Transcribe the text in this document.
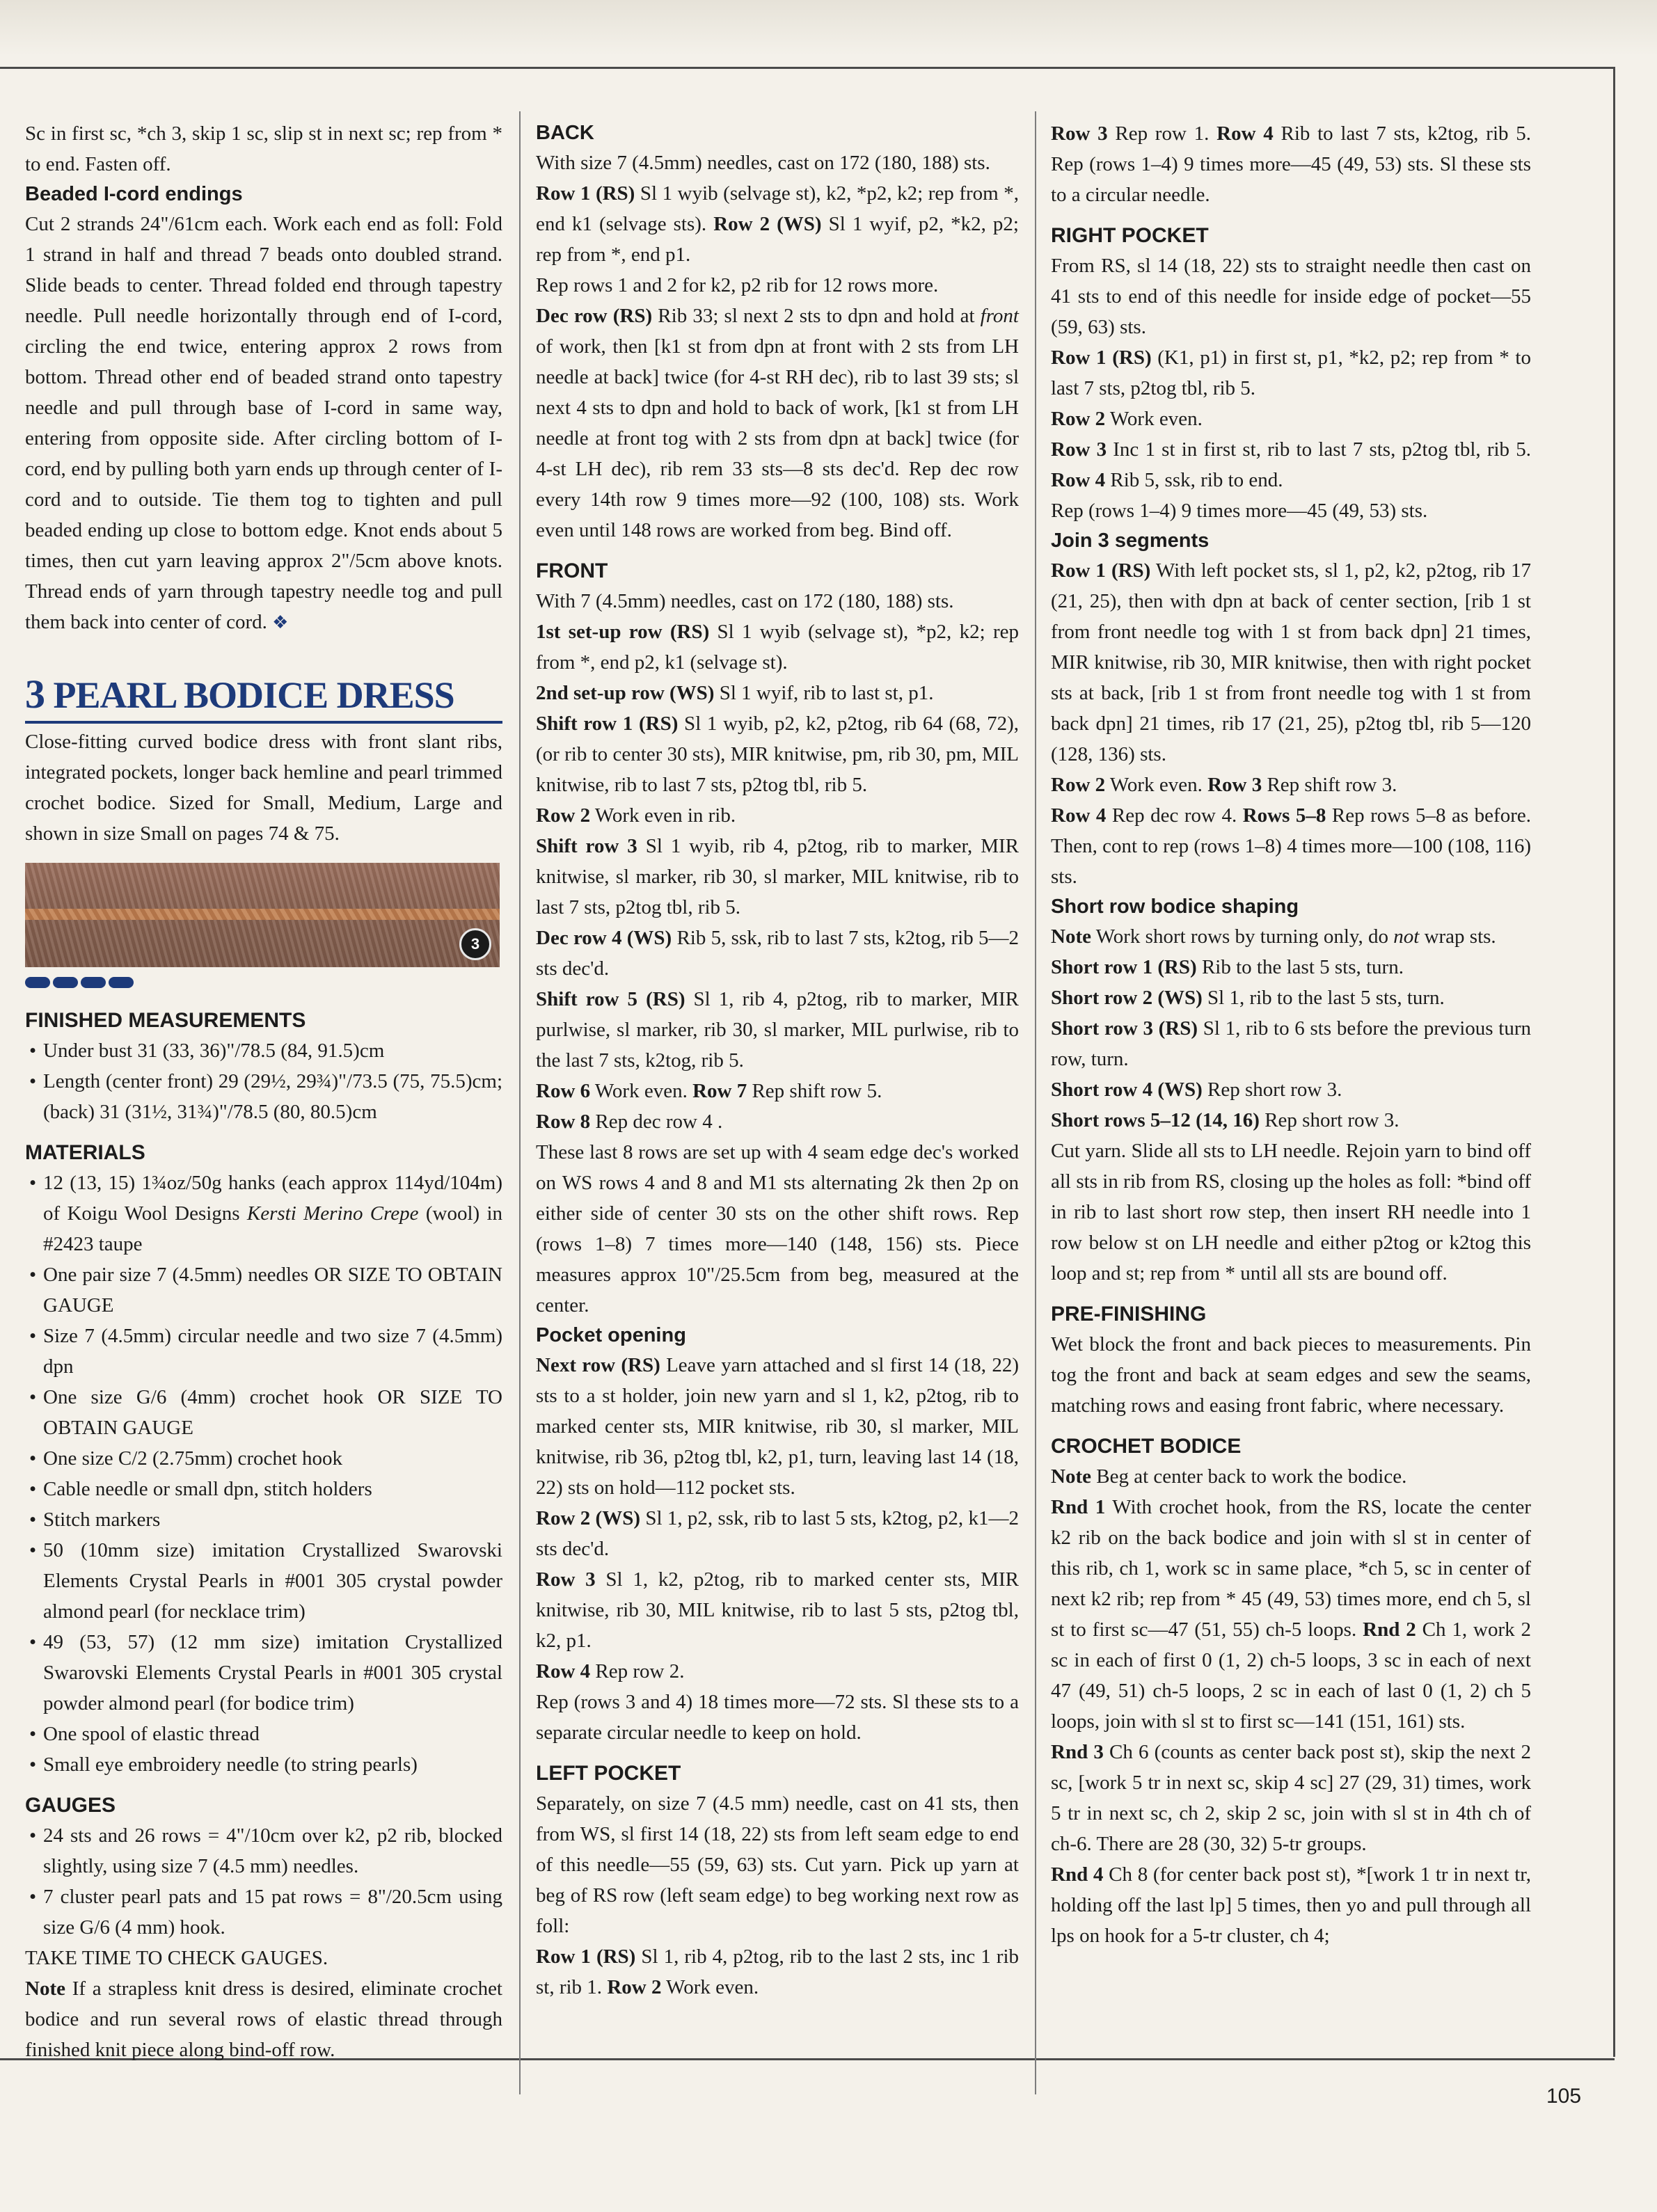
Sc in first sc, *ch 3, skip 1 sc, slip st in next sc; rep from * to end. Fasten off.

Beaded I-cord endings

Cut 2 strands 24"/61cm each. Work each end as foll: Fold 1 strand in half and thread 7 beads onto doubled strand. Slide beads to center. Thread folded end through tapestry needle. Pull needle horizontally through end of I-cord, circling the end twice, entering approx 2 rows from bottom. Thread other end of beaded strand onto tapestry needle and pull through base of I-cord in same way, entering from opposite side. After circling bottom of I-cord, end by pulling both yarn ends up through center of I-cord and to outside. Tie them tog to tighten and pull beaded ending up close to bottom edge. Knot ends about 5 times, then cut yarn leaving approx 2"/5cm above knots. Thread ends of yarn through tapestry needle tog and pull them back into center of cord. ❖

3 PEARL BODICE DRESS

Close-fitting curved bodice dress with front slant ribs, integrated pockets, longer back hemline and pearl trimmed crochet bodice. Sized for Small, Medium, Large and shown in size Small on pages 74 & 75.

3

FINISHED MEASUREMENTS

• Under bust 31 (33, 36)"/78.5 (84, 91.5)cm
• Length (center front) 29 (29½, 29¾)"/73.5 (75, 75.5)cm; (back) 31 (31½, 31¾)"/78.5 (80, 80.5)cm

MATERIALS

• 12 (13, 15) 1¾oz/50g hanks (each approx 114yd/104m) of Koigu Wool Designs Kersti Merino Crepe (wool) in #2423 taupe
• One pair size 7 (4.5mm) needles OR SIZE TO OBTAIN GAUGE
• Size 7 (4.5mm) circular needle and two size 7 (4.5mm) dpn
• One size G/6 (4mm) crochet hook OR SIZE TO OBTAIN GAUGE
• One size C/2 (2.75mm) crochet hook
• Cable needle or small dpn, stitch holders
• Stitch markers
• 50 (10mm size) imitation Crystallized Swarovski Elements Crystal Pearls in #001 305 crystal powder almond pearl (for necklace trim)
• 49 (53, 57) (12 mm size) imitation Crystallized Swarovski Elements Crystal Pearls in #001 305 crystal powder almond pearl (for bodice trim)
• One spool of elastic thread
• Small eye embroidery needle (to string pearls)

GAUGES

• 24 sts and 26 rows = 4"/10cm over k2, p2 rib, blocked slightly, using size 7 (4.5 mm) needles.
• 7 cluster pearl pats and 15 pat rows = 8"/20.5cm using size G/6 (4 mm) hook.

TAKE TIME TO CHECK GAUGES.

Note If a strapless knit dress is desired, eliminate crochet bodice and run several rows of elastic thread through finished knit piece along bind-off row.

BACK

With size 7 (4.5mm) needles, cast on 172 (180, 188) sts.

Row 1 (RS) Sl 1 wyib (selvage st), k2, *p2, k2; rep from *, end k1 (selvage sts). Row 2 (WS) Sl 1 wyif, p2, *k2, p2; rep from *, end p1.

Rep rows 1 and 2 for k2, p2 rib for 12 rows more.

Dec row (RS) Rib 33; sl next 2 sts to dpn and hold at front of work, then [k1 st from dpn at front with 2 sts from LH needle at back] twice (for 4-st RH dec), rib to last 39 sts; sl next 4 sts to dpn and hold to back of work, [k1 st from LH needle at front tog with 2 sts from dpn at back] twice (for 4-st LH dec), rib rem 33 sts—8 sts dec'd. Rep dec row every 14th row 9 times more—92 (100, 108) sts. Work even until 148 rows are worked from beg. Bind off.

FRONT

With 7 (4.5mm) needles, cast on 172 (180, 188) sts.

1st set-up row (RS) Sl 1 wyib (selvage st), *p2, k2; rep from *, end p2, k1 (selvage st).

2nd set-up row (WS) Sl 1 wyif, rib to last st, p1.

Shift row 1 (RS) Sl 1 wyib, p2, k2, p2tog, rib 64 (68, 72), (or rib to center 30 sts), MIR knitwise, pm, rib 30, pm, MIL knitwise, rib to last 7 sts, p2tog tbl, rib 5.

Row 2 Work even in rib.

Shift row 3 Sl 1 wyib, rib 4, p2tog, rib to marker, MIR knitwise, sl marker, rib 30, sl marker, MIL knitwise, rib to last 7 sts, p2tog tbl, rib 5.

Dec row 4 (WS) Rib 5, ssk, rib to last 7 sts, k2tog, rib 5—2 sts dec'd.

Shift row 5 (RS) Sl 1, rib 4, p2tog, rib to marker, MIR purlwise, sl marker, rib 30, sl marker, MIL purlwise, rib to the last 7 sts, k2tog, rib 5.

Row 6 Work even. Row 7 Rep shift row 5.

Row 8 Rep dec row 4 .

These last 8 rows are set up with 4 seam edge dec's worked on WS rows 4 and 8 and M1 sts alternating 2k then 2p on either side of center 30 sts on the other shift rows. Rep (rows 1–8) 7 times more—140 (148, 156) sts. Piece measures approx 10"/25.5cm from beg, measured at the center.

Pocket opening

Next row (RS) Leave yarn attached and sl first 14 (18, 22) sts to a st holder, join new yarn and sl 1, k2, p2tog, rib to marked center sts, MIR knitwise, rib 30, sl marker, MIL knitwise, rib 36, p2tog tbl, k2, p1, turn, leaving last 14 (18, 22) sts on hold—112 pocket sts.

Row 2 (WS) Sl 1, p2, ssk, rib to last 5 sts, k2tog, p2, k1—2 sts dec'd.

Row 3 Sl 1, k2, p2tog, rib to marked center sts, MIR knitwise, rib 30, MIL knitwise, rib to last 5 sts, p2tog tbl, k2, p1.

Row 4 Rep row 2.

Rep (rows 3 and 4) 18 times more—72 sts. Sl these sts to a separate circular needle to keep on hold.

LEFT POCKET

Separately, on size 7 (4.5 mm) needle, cast on 41 sts, then from WS, sl first 14 (18, 22) sts from left seam edge to end of this needle—55 (59, 63) sts. Cut yarn. Pick up yarn at beg of RS row (left seam edge) to beg working next row as foll:

Row 1 (RS) Sl 1, rib 4, p2tog, rib to the last 2 sts, inc 1 rib st, rib 1. Row 2 Work even.

Row 3 Rep row 1. Row 4 Rib to last 7 sts, k2tog, rib 5. Rep (rows 1–4) 9 times more—45 (49, 53) sts. Sl these sts to a circular needle.

RIGHT POCKET

From RS, sl 14 (18, 22) sts to straight needle then cast on 41 sts to end of this needle for inside edge of pocket—55 (59, 63) sts.

Row 1 (RS) (K1, p1) in first st, p1, *k2, p2; rep from * to last 7 sts, p2tog tbl, rib 5.

Row 2 Work even.

Row 3 Inc 1 st in first st, rib to last 7 sts, p2tog tbl, rib 5. Row 4 Rib 5, ssk, rib to end.

Rep (rows 1–4) 9 times more—45 (49, 53) sts.

Join 3 segments

Row 1 (RS) With left pocket sts, sl 1, p2, k2, p2tog, rib 17 (21, 25), then with dpn at back of center section, [rib 1 st from front needle tog with 1 st from back dpn] 21 times, MIR knitwise, rib 30, MIR knitwise, then with right pocket sts at back, [rib 1 st from front needle tog with 1 st from back dpn] 21 times, rib 17 (21, 25), p2tog tbl, rib 5—120 (128, 136) sts.

Row 2 Work even. Row 3 Rep shift row 3.

Row 4 Rep dec row 4. Rows 5–8 Rep rows 5–8 as before. Then, cont to rep (rows 1–8) 4 times more—100 (108, 116) sts.

Short row bodice shaping

Note Work short rows by turning only, do not wrap sts.

Short row 1 (RS) Rib to the last 5 sts, turn.

Short row 2 (WS) Sl 1, rib to the last 5 sts, turn.

Short row 3 (RS) Sl 1, rib to 6 sts before the previous turn row, turn.

Short row 4 (WS) Rep short row 3.

Short rows 5–12 (14, 16) Rep short row 3.

Cut yarn. Slide all sts to LH needle. Rejoin yarn to bind off all sts in rib from RS, closing up the holes as foll: *bind off in rib to last short row step, then insert RH needle into 1 row below st on LH needle and either p2tog or k2tog this loop and st; rep from * until all sts are bound off.

PRE-FINISHING

Wet block the front and back pieces to measurements. Pin tog the front and back at seam edges and sew the seams, matching rows and easing front fabric, where necessary.

CROCHET BODICE

Note Beg at center back to work the bodice.

Rnd 1 With crochet hook, from the RS, locate the center k2 rib on the back bodice and join with sl st in center of this rib, ch 1, work sc in same place, *ch 5, sc in center of next k2 rib; rep from * 45 (49, 53) times more, end ch 5, sl st to first sc—47 (51, 55) ch-5 loops. Rnd 2 Ch 1, work 2 sc in each of first 0 (1, 2) ch-5 loops, 3 sc in each of next 47 (49, 51) ch-5 loops, 2 sc in each of last 0 (1, 2) ch 5 loops, join with sl st to first sc—141 (151, 161) sts.

Rnd 3 Ch 6 (counts as center back post st), skip the next 2 sc, [work 5 tr in next sc, skip 4 sc] 27 (29, 31) times, work 5 tr in next sc, ch 2, skip 2 sc, join with sl st in 4th ch of ch-6. There are 28 (30, 32) 5-tr groups.

Rnd 4 Ch 8 (for center back post st), *[work 1 tr in next tr, holding off the last lp] 5 times, then yo and pull through all lps on hook for a 5-tr cluster, ch 4;

105
